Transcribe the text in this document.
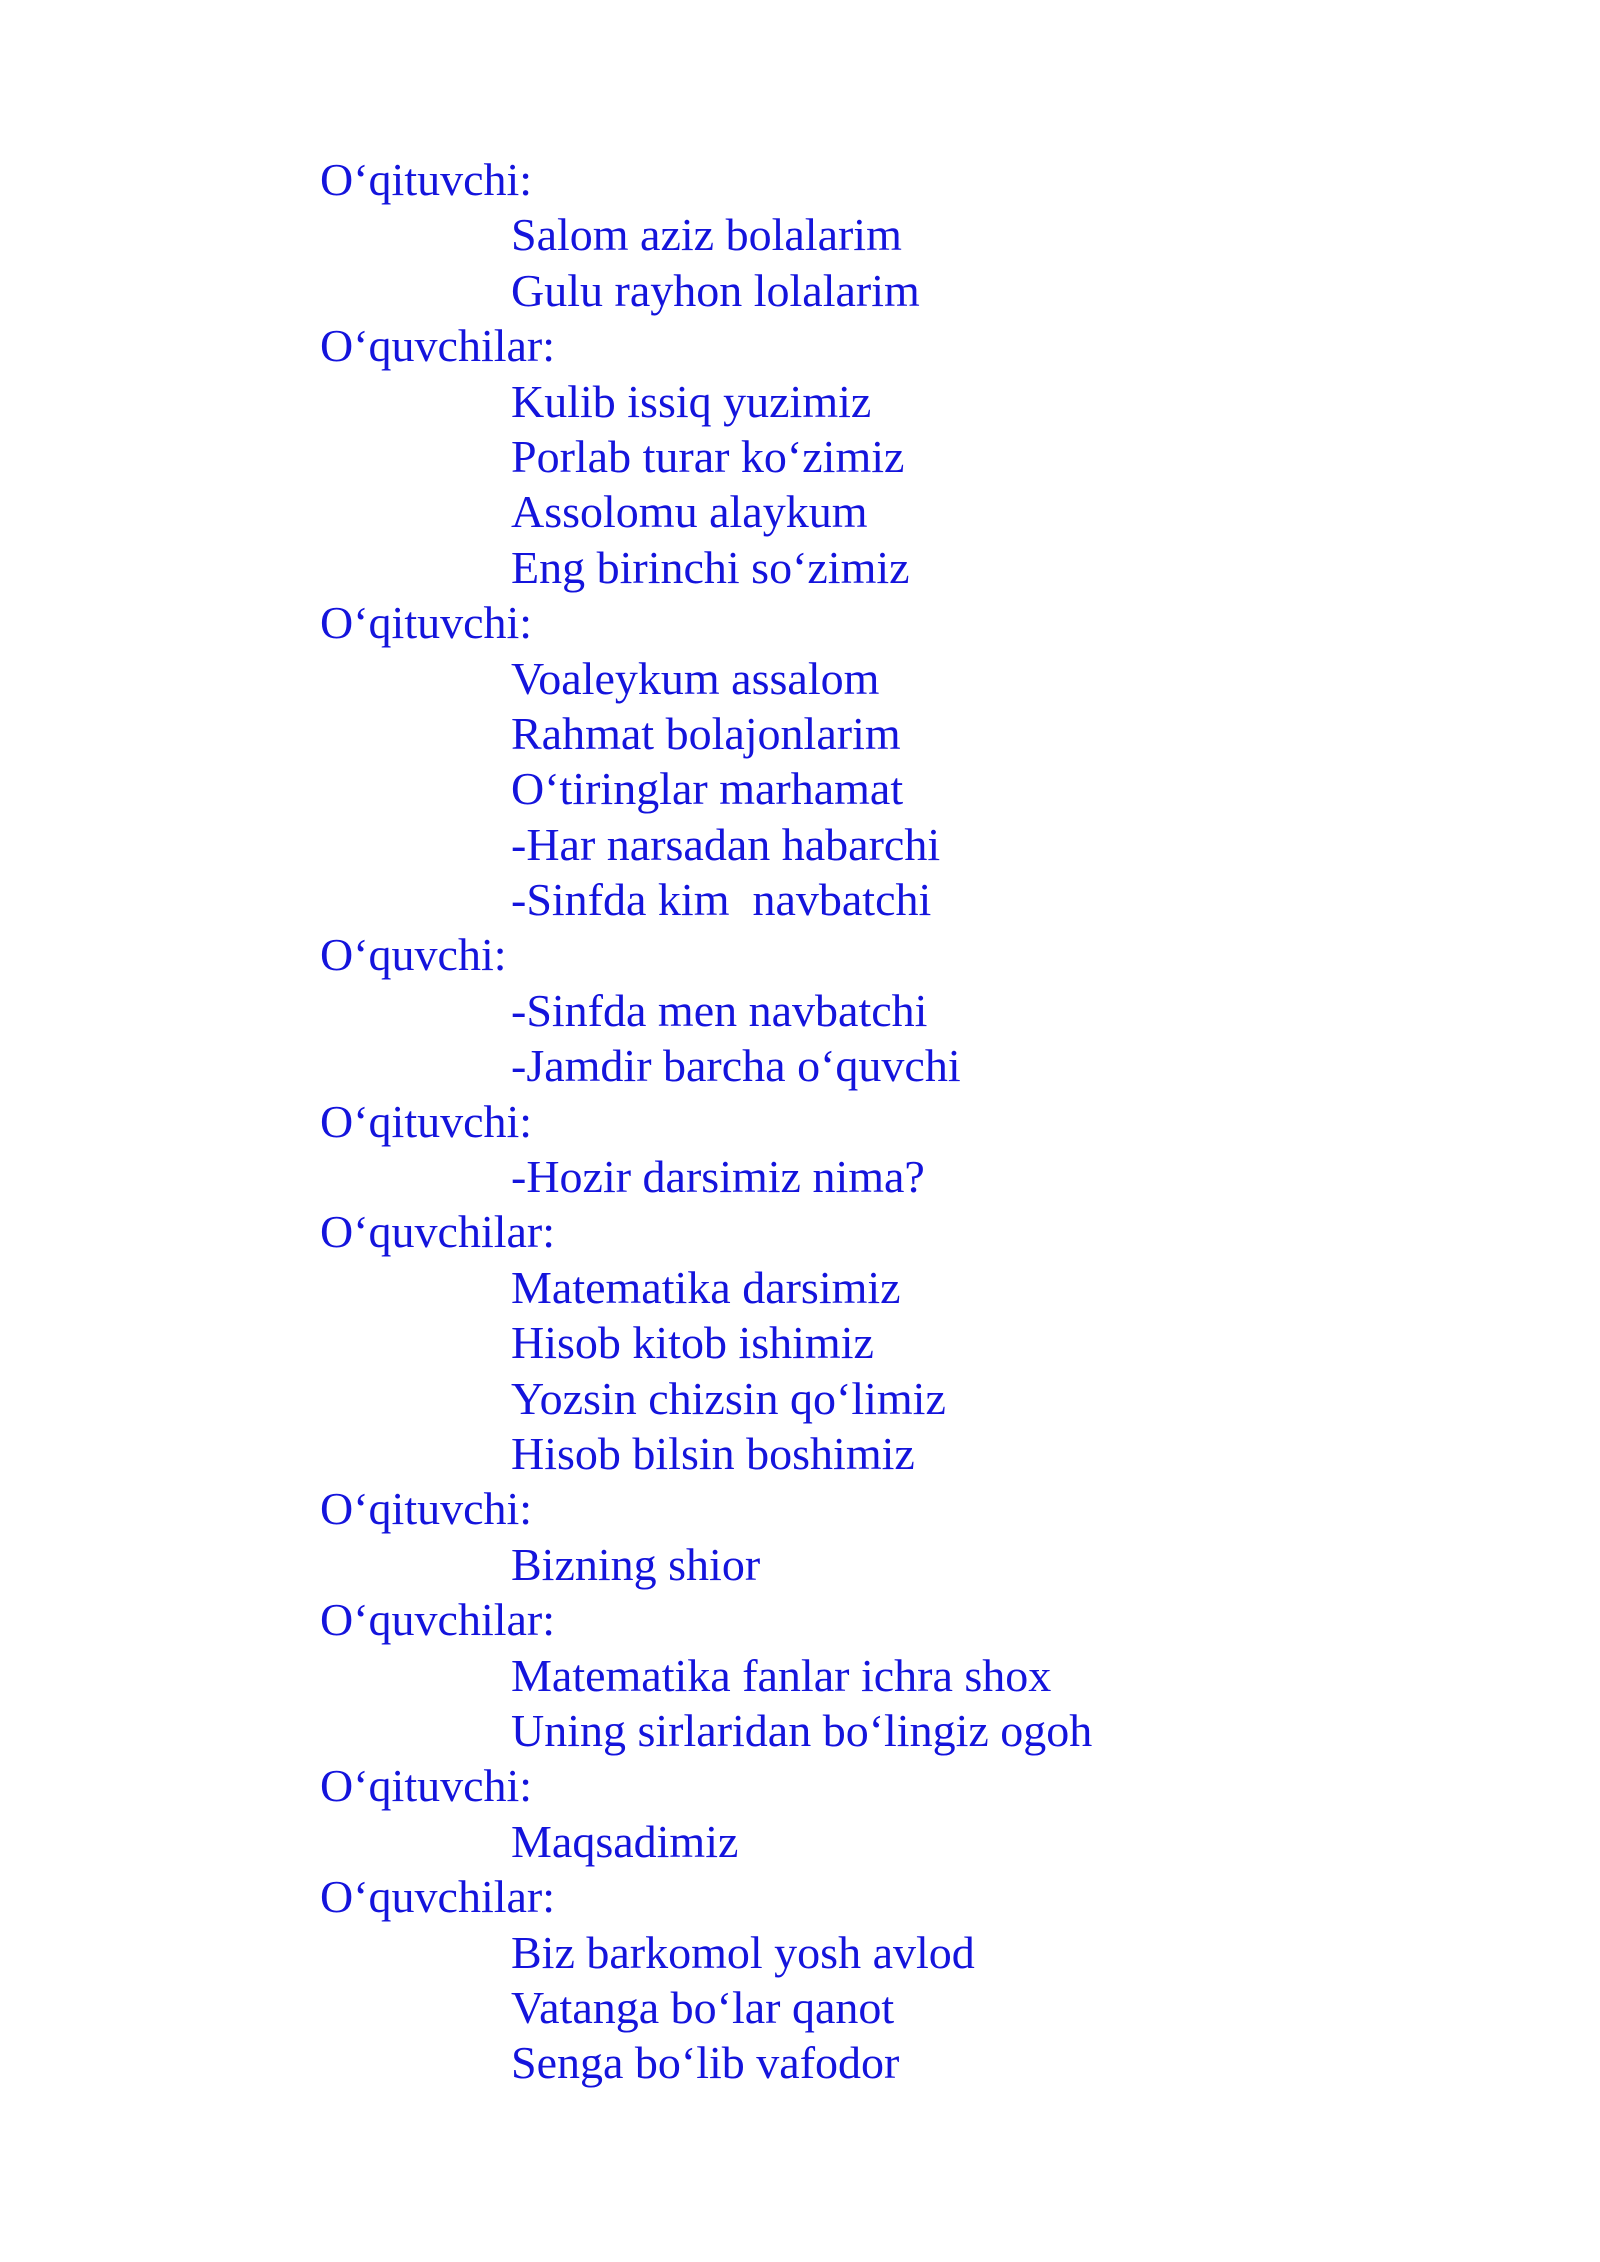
O‘qituvchi:
Salom aziz bolalarim
Gulu rayhon lolalarim
O‘quvchilar:
Kulib issiq yuzimiz
Porlab turar ko‘zimiz
Assolomu alaykum
Eng birinchi so‘zimiz
O‘qituvchi:
Voaleykum assalom
Rahmat bolajonlarim
O‘tiringlar marhamat
-Har narsadan habarchi
-Sinfda kim  navbatchi
O‘quvchi:
-Sinfda men navbatchi
-Jamdir barcha o‘quvchi
O‘qituvchi:
-Hozir darsimiz nima?
O‘quvchilar:
Matematika darsimiz
Hisob kitob ishimiz
Yozsin chizsin qo‘limiz
Hisob bilsin boshimiz
O‘qituvchi:
Bizning shior
O‘quvchilar:
Matematika fanlar ichra shox
Uning sirlaridan bo‘lingiz ogoh
O‘qituvchi:
Maqsadimiz
O‘quvchilar:
Biz barkomol yosh avlod
Vatanga bo‘lar qanot
Senga bo‘lib vafodor
